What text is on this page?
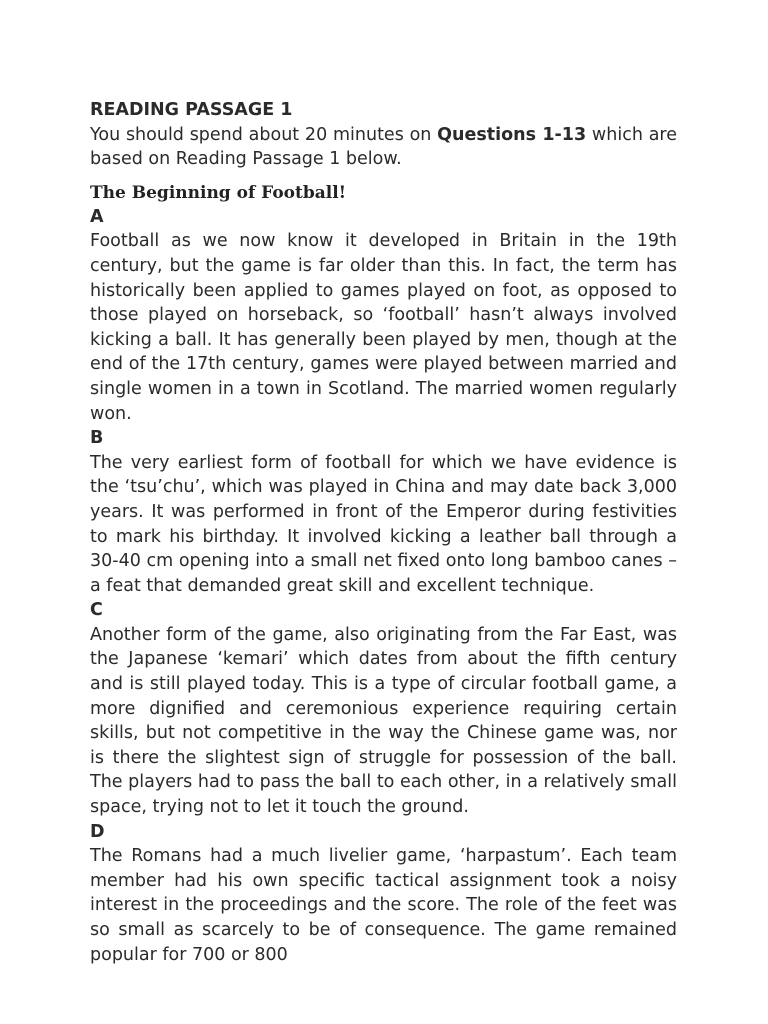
READING PASSAGE 1

You should spend about 20 minutes on Questions 1-13 which are based on Reading Passage 1 below.

The Beginning of Football!
A

Football as we now know it developed in Britain in the 19th century, but the game is far older than this. In fact, the term has historically been applied to games played on foot, as opposed to those played on horseback, so ‘football’ hasn’t always involved kicking a ball. It has generally been played by men, though at the end of the 17th century, games were played between married and single women in a town in Scotland. The married women regularly won.

B

The very earliest form of football for which we have evidence is the ‘tsu’chu’, which was played in China and may date back 3,000 years. It was performed in front of the Emperor during festivities to mark his birthday. It involved kicking a leather ball through a 30-40 cm opening into a small net fixed onto long bamboo canes – a feat that demanded great skill and excellent technique.

C

Another form of the game, also originating from the Far East, was the Japanese ‘kemari’ which dates from about the fifth century and is still played today. This is a type of circular football game, a more dignified and ceremonious experience requiring certain skills, but not competitive in the way the Chinese game was, nor is there the slightest sign of struggle for possession of the ball. The players had to pass the ball to each other, in a relatively small space, trying not to let it touch the ground.

D

The Romans had a much livelier game, ‘harpastum’. Each team member had his own specific tactical assignment took a noisy interest in the proceedings and the score. The role of the feet was so small as scarcely to be of consequence. The game remained popular for 700 or 800
